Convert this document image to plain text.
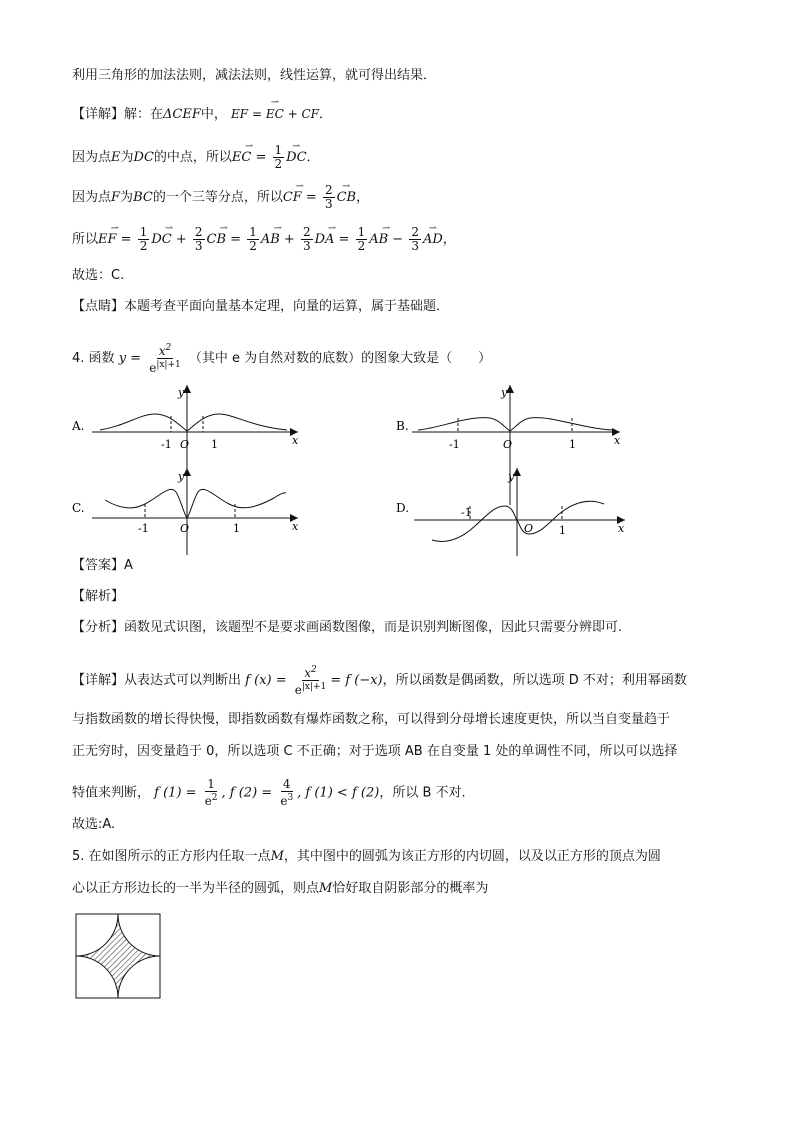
利用三角形的加法法则，减法法则，线性运算，就可得出结果．
【详解】解：在ΔCEF中， ⇀ EF = EC + CF．
因为点E为DC的中点，所以⇀ EC = $\frac{1}{2}$ ⇀ DC．
因为点F为BC的一个三等分点，所以⇀ CF = $\frac{2}{3}$ ⇀ CB，
所以⇀ EF = $\frac{1}{2}$ ⇀ DC + $\frac{2}{3}$ ⇀ CB = $\frac{1}{2}$ ⇀ AB + $\frac{2}{3}$ ⇀ DA = $\frac{1}{2}$ ⇀ AB − $\frac{2}{3}$ ⇀ AD，
故选：C.
【点睛】本题考查平面向量基本定理，向量的运算，属于基础题．
4. 函数 $y = \frac{x^2}{e^{|x|+1}}$ （其中 e 为自然对数的底数）的图象大致是（　　）
A.
-1 O 1	x
y
B.
-1	O	1	x
y
C.
-1	O	1	x
y
D.	-1
O 1	x
y
【答案】A
【解析】
【分析】函数见式识图，该题型不是要求画函数图像，而是识别判断图像，因此只需要分辨即可.
【详解】从表达式可以判断出 f $(x) = \frac{x^2}{e^{|x|+1}} = f$ (−x)，所以函数是偶函数，所以选项 D 不对；利用幂函数
与指数函数的增长得快慢，即指数函数有爆炸函数之称，可以得到分母增长速度更快，所以当自变量趋于
正无穷时，因变量趋于 0，所以选项 C 不正确；对于选项 AB 在自变量 1 处的单调性不同，所以可以选择
特值来判断， f $(1) = \frac{1}{e^2}$ , f $(2) = \frac{4}{e^3}$ , f (1) < f (2)，所以 B 不对.
故选:A.
5. 在如图所示的正方形内任取一点M，其中图中的圆弧为该正方形的内切圆，以及以正方形的顶点为圆
心以正方形边长的一半为半径的圆弧，则点M恰好取自阴影部分的概率为
